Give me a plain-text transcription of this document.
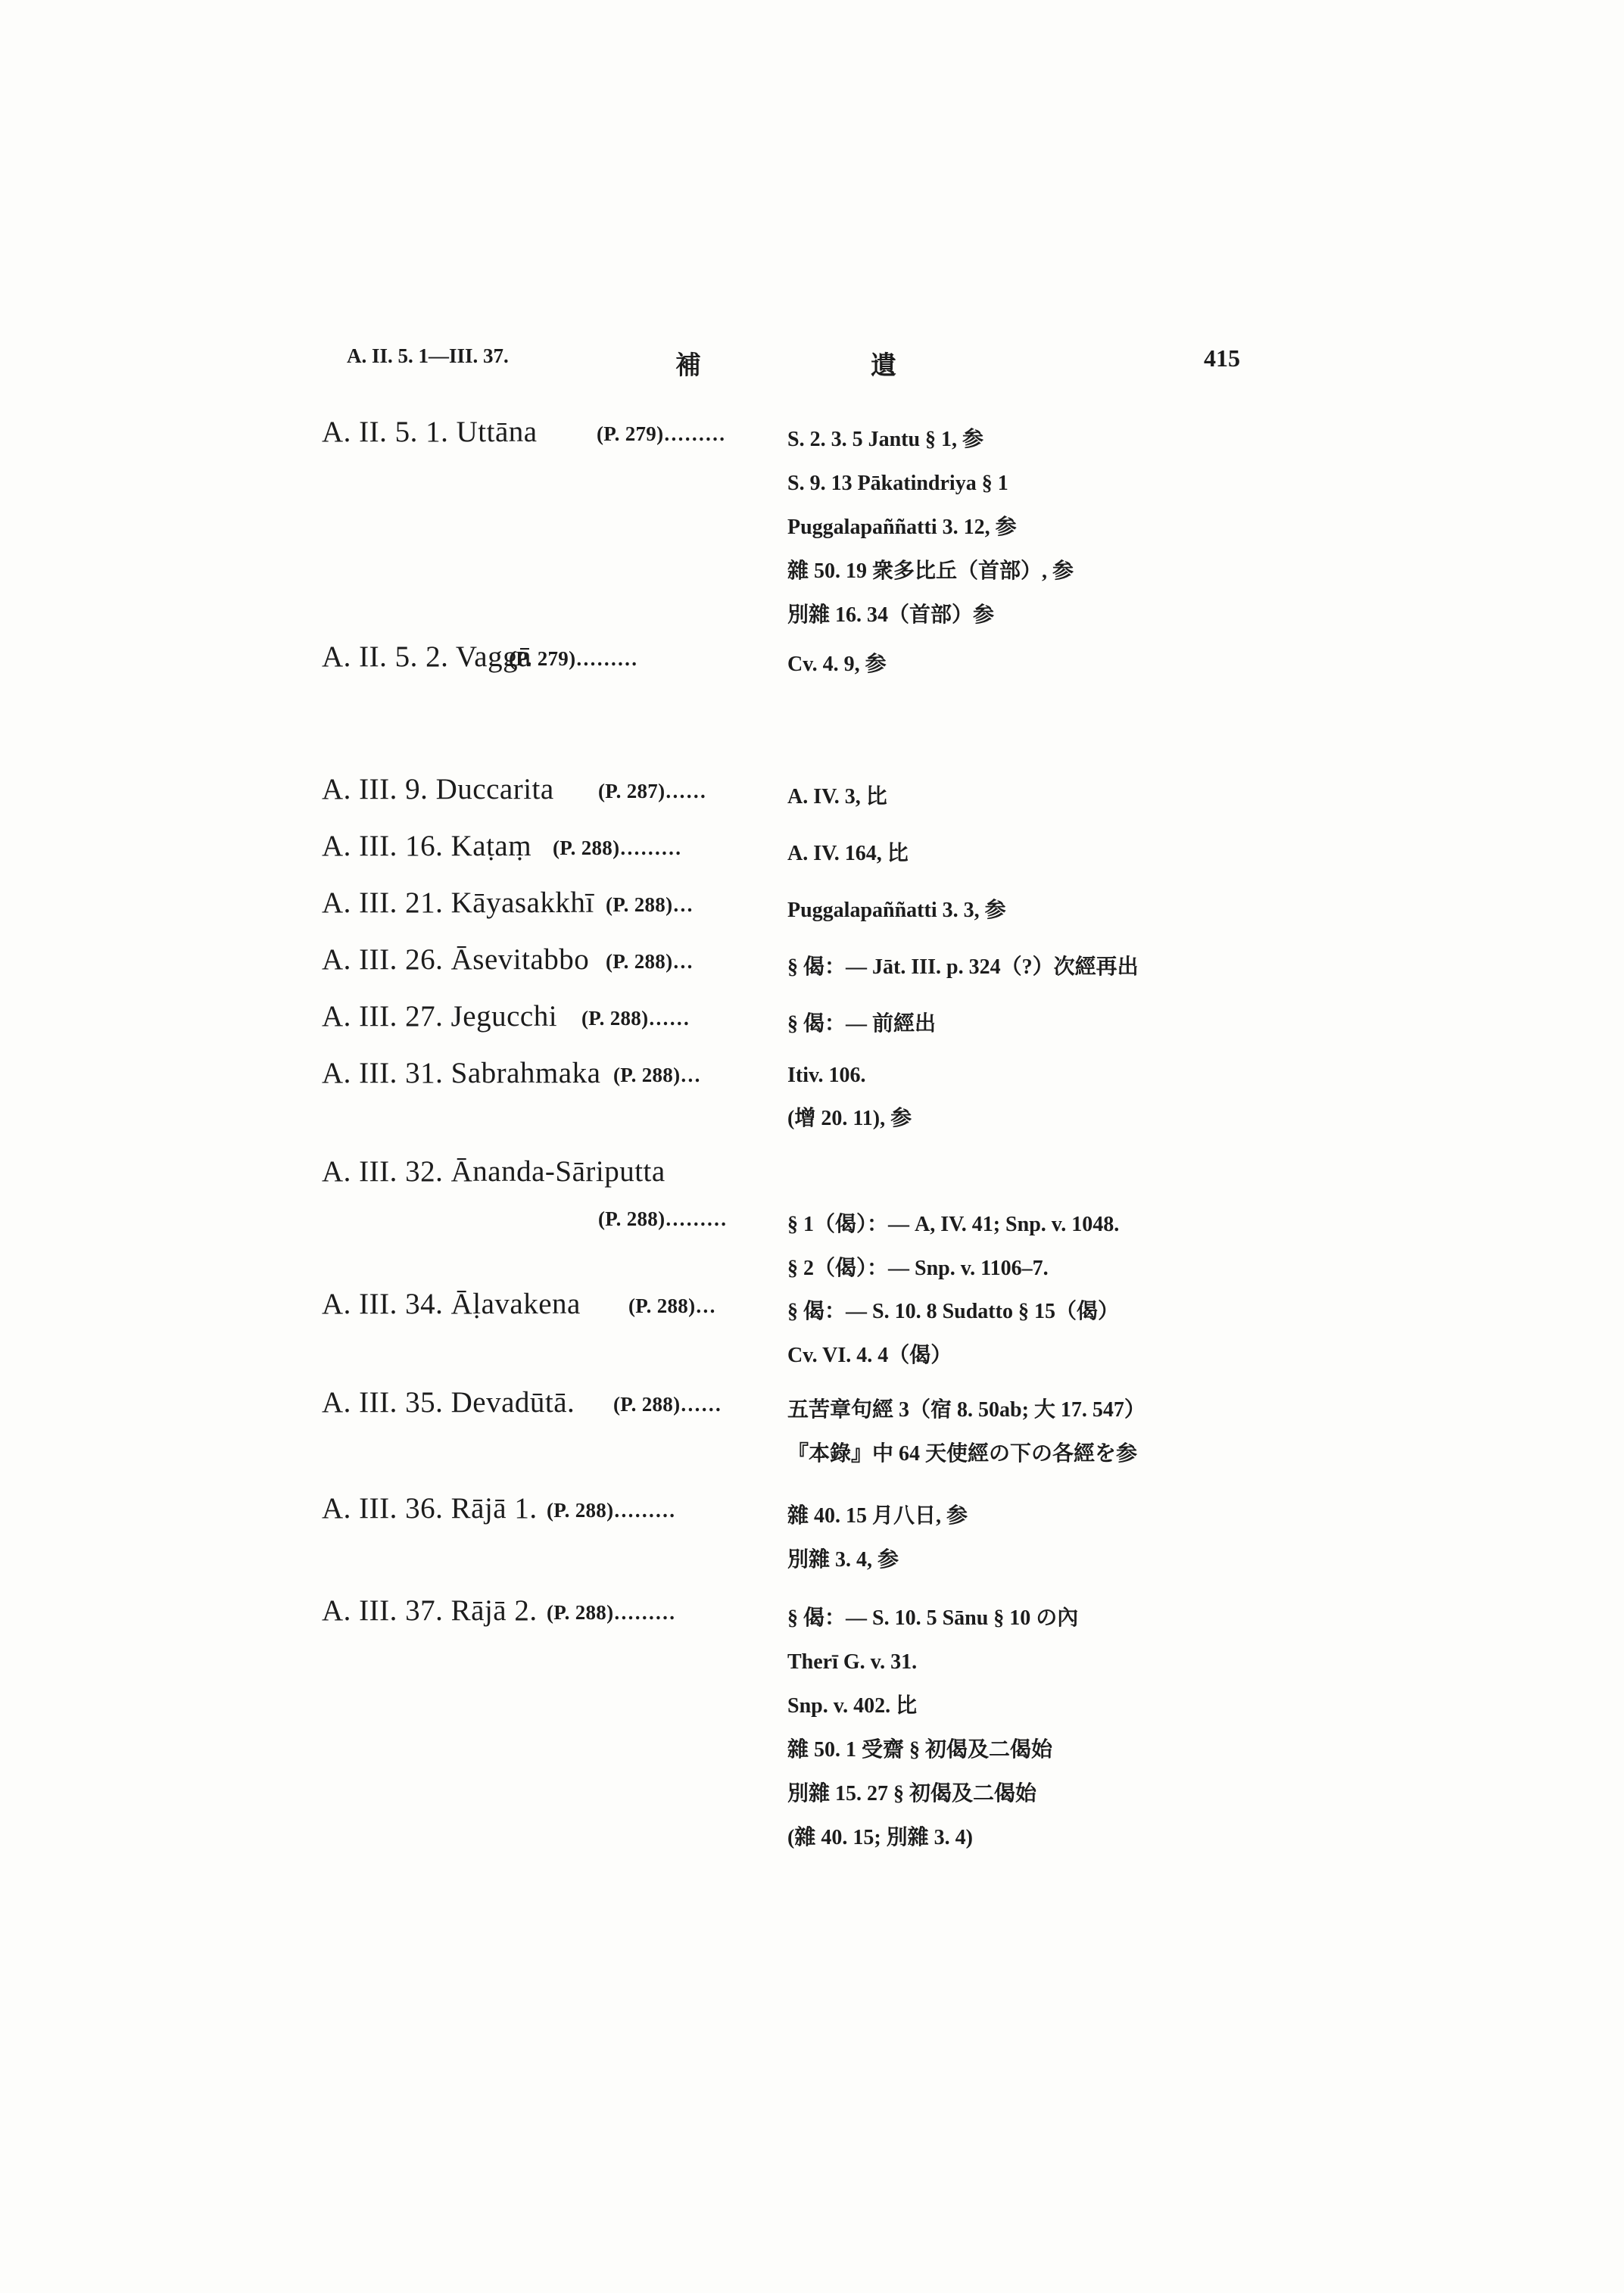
A. II. 5. 1—III. 37.	補	遺	415
A. II. 5. 1. Uttāna	(P. 279)………	S. 2. 3. 5 Jantu § 1, 参
S. 9. 13 Pākatindriya § 1
Puggalapaññatti 3. 12, 参
雜 50. 19 衆多比丘（首部）, 参
別雜 16. 34（首部）参
A. II. 5. 2. Vaggā
(P. 279)………	Cv. 4. 9, 参
A. III. 9. Duccarita (P. 287)……	A. IV. 3, 比
A. III. 16. Kaṭaṃ (P. 288)………	A. IV. 164, 比
A. III. 21. Kāyasakkhī (P. 288)…	Puggalapaññatti 3. 3, 参
A. III. 26. Āsevitabbo (P. 288)…	§ 偈：— Jāt. III. p. 324（?）次經再出
A. III. 27. Jegucchi (P. 288)……	§ 偈：— 前經出
A. III. 31. Sabrahmaka (P. 288)…	Itiv. 106.
(增 20. 11), 参
A. III. 32. Ānanda-Sāriputta
(P. 288)………	§ 1（偈）：— A, IV. 41; Snp. v. 1048.
§ 2（偈）：— Snp. v. 1106–7.
A. III. 34. Āḷavakena (P. 288)…	§ 偈：— S. 10. 8 Sudatto § 15（偈）
Cv. VI. 4. 4（偈）
A. III. 35. Devadūtā. (P. 288)……	五苦章句經 3（宿 8. 50ab; 大 17. 547）
『本錄』中 64 天使經の下の各經を参
A. III. 36. Rājā 1. (P. 288)………	雜 40. 15 月八日, 参
別雜 3. 4, 参
A. III. 37. Rājā 2. (P. 288)………	§ 偈：— S. 10. 5 Sānu § 10 の內
Therī G. v. 31.
Snp. v. 402. 比
雜 50. 1 受齋 § 初偈及二偈始
別雜 15. 27 § 初偈及二偈始
(雜 40. 15; 別雜 3. 4)
